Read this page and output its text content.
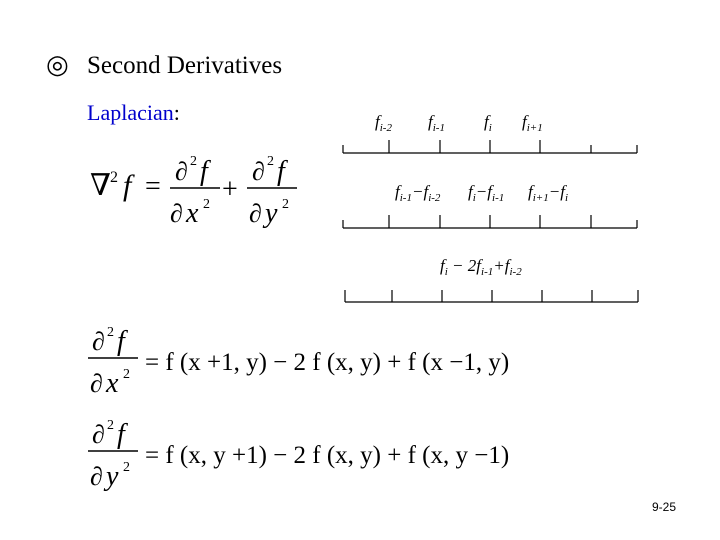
◎ Second Derivatives
Laplacian:
∇ 2 f = ∂ 2 f
∂ x 2 +
∂ 2 f
∂ y 2
$f_{i-2}$ $f_{i-1}$ $f_i$ $f_{i+1}$
$f_{i-1}-f_{i-2}$ $f_i-f_{i-1}$ $f_{i+1}-f_i$
$f_i - 2f_{i-1}+f_{i-2}$
∂ 2 f
∂ x 2 = f (x +1, y) − 2 f (x, y) + f (x −1, y)
∂ 2 f
∂ y 2 = f (x, y +1) − 2 f (x, y) + f (x, y −1)
9-25
